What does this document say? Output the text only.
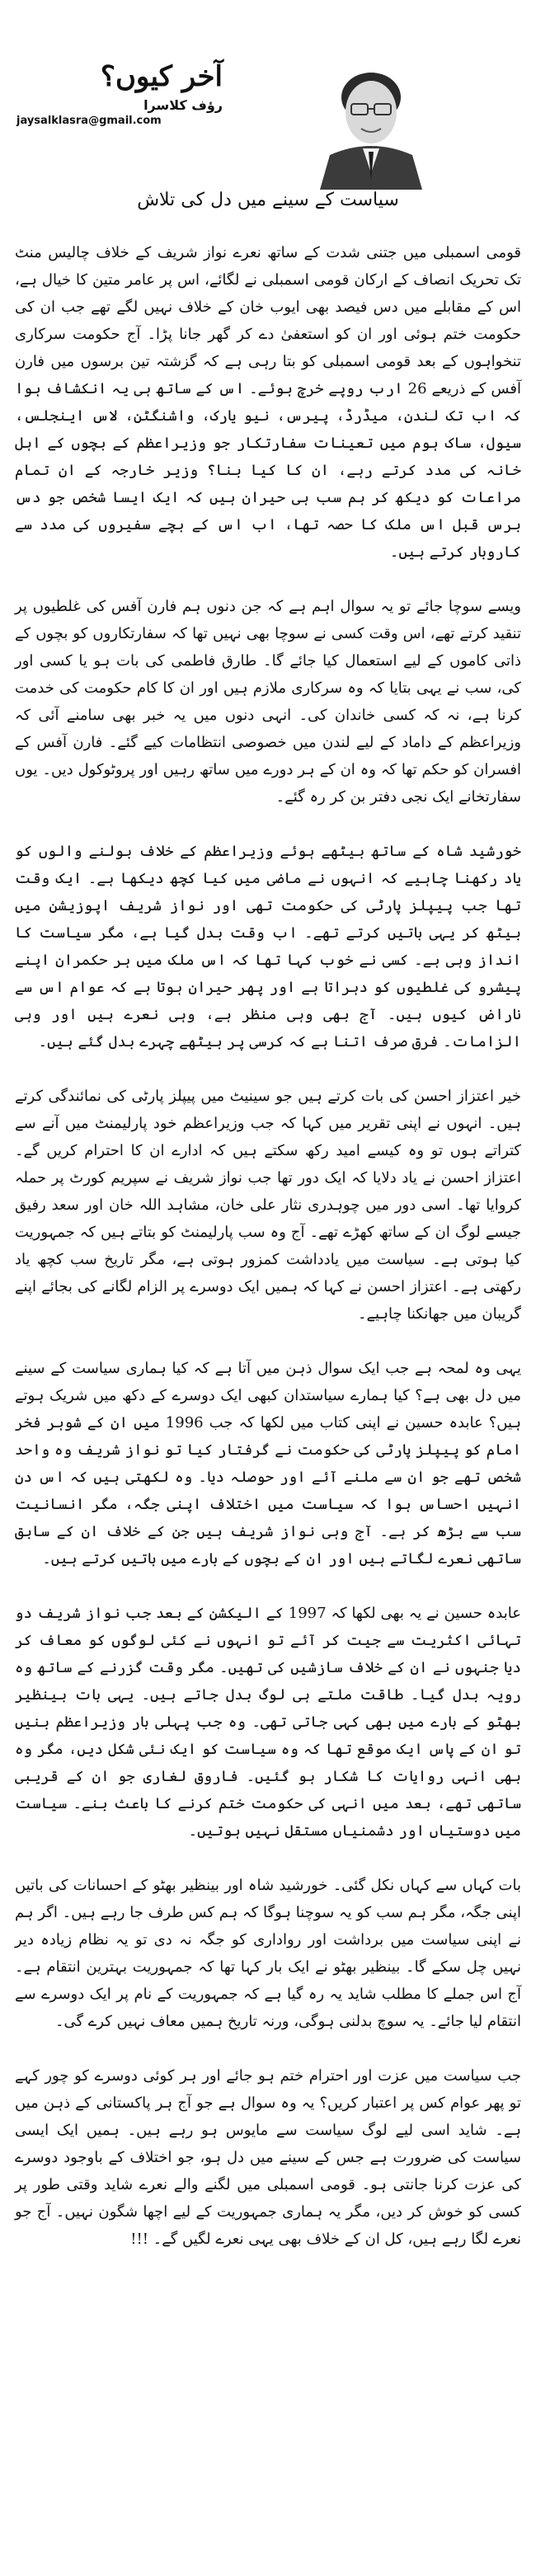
آخر کیوں؟
رؤف کلاسرا
jaysalklasra@gmail.com
سیاست کے سینے میں دل کی تلاش

قومی اسمبلی میں جتنی شدت کے ساتھ نعرے نواز شریف کے خلاف چالیس منٹ تک تحریک انصاف کے ارکان قومی اسمبلی نے لگائے، اس پر عامر متین کا خیال ہے، اس کے مقابلے میں دس فیصد بھی ایوب خان کے خلاف نہیں لگے تھے جب ان کی حکومت ختم ہوئی اور ان کو استعفیٰ دے کر گھر جانا پڑا۔ آج حکومت سرکاری تنخواہوں کے بعد قومی اسمبلی کو بتا رہی ہے کہ گزشتہ تین برسوں میں فارن آفس کے ذریعے 26 ارب روپے خرچ ہوئے۔ اس کے ساتھ ہی یہ انکشاف ہوا کہ اب تک لندن، میڈرڈ، پیرس، نیو یارک، واشنگٹن، لاس اینجلس، سیول، ساک ہوم میں تعینات سفارتکار جو وزیراعظم کے بچوں کے اہل خانہ کی مدد کرتے رہے، ان کا کیا بنا؟ وزیر خارجہ کے ان تمام مراعات کو دیکھ کر ہم سب ہی حیران ہیں کہ ایک ایسا شخص جو دس برس قبل اس ملک کا حصہ تھا، اب اس کے بچے سفیروں کی مدد سے کاروبار کرتے ہیں۔

ویسے سوچا جائے تو یہ سوال اہم ہے کہ جن دنوں ہم فارن آفس کی غلطیوں پر تنقید کرتے تھے، اس وقت کسی نے سوچا بھی نہیں تھا کہ سفارتکاروں کو بچوں کے ذاتی کاموں کے لیے استعمال کیا جائے گا۔ طارق فاطمی کی بات ہو یا کسی اور کی، سب نے یہی بتایا کہ وہ سرکاری ملازم ہیں اور ان کا کام حکومت کی خدمت کرنا ہے، نہ کہ کسی خاندان کی۔ انہی دنوں میں یہ خبر بھی سامنے آئی کہ وزیراعظم کے داماد کے لیے لندن میں خصوصی انتظامات کیے گئے۔ فارن آفس کے افسران کو حکم تھا کہ وہ ان کے ہر دورے میں ساتھ رہیں اور پروٹوکول دیں۔ یوں سفارتخانے ایک نجی دفتر بن کر رہ گئے۔

خورشید شاہ کے ساتھ بیٹھے ہوئے وزیراعظم کے خلاف بولنے والوں کو یاد رکھنا چاہیے کہ انہوں نے ماضی میں کیا کچھ دیکھا ہے۔ ایک وقت تھا جب پیپلز پارٹی کی حکومت تھی اور نواز شریف اپوزیشن میں بیٹھ کر یہی باتیں کرتے تھے۔ اب وقت بدل گیا ہے، مگر سیاست کا انداز وہی ہے۔ کسی نے خوب کہا تھا کہ اس ملک میں ہر حکمران اپنے پیشرو کی غلطیوں کو دہراتا ہے اور پھر حیران ہوتا ہے کہ عوام اس سے ناراض کیوں ہیں۔ آج بھی وہی منظر ہے، وہی نعرے ہیں اور وہی الزامات۔ فرق صرف اتنا ہے کہ کرسی پر بیٹھے چہرے بدل گئے ہیں۔

خیر اعتزاز احسن کی بات کرتے ہیں جو سینیٹ میں پیپلز پارٹی کی نمائندگی کرتے ہیں۔ انہوں نے اپنی تقریر میں کہا کہ جب وزیراعظم خود پارلیمنٹ میں آنے سے کتراتے ہوں تو وہ کیسے امید رکھ سکتے ہیں کہ ادارے ان کا احترام کریں گے۔ اعتزاز احسن نے یاد دلایا کہ ایک دور تھا جب نواز شریف نے سپریم کورٹ پر حملہ کروایا تھا۔ اسی دور میں چوہدری نثار علی خان، مشاہد اللہ خان اور سعد رفیق جیسے لوگ ان کے ساتھ کھڑے تھے۔ آج وہ سب پارلیمنٹ کو بتاتے ہیں کہ جمہوریت کیا ہوتی ہے۔ سیاست میں یادداشت کمزور ہوتی ہے، مگر تاریخ سب کچھ یاد رکھتی ہے۔ اعتزاز احسن نے کہا کہ ہمیں ایک دوسرے پر الزام لگانے کی بجائے اپنے گریبان میں جھانکنا چاہیے۔

یہی وہ لمحہ ہے جب ایک سوال ذہن میں آتا ہے کہ کیا ہماری سیاست کے سینے میں دل بھی ہے؟ کیا ہمارے سیاستدان کبھی ایک دوسرے کے دکھ میں شریک ہوتے ہیں؟ عابدہ حسین نے اپنی کتاب میں لکھا کہ جب 1996 میں ان کے شوہر فخر امام کو پیپلز پارٹی کی حکومت نے گرفتار کیا تو نواز شریف وہ واحد شخص تھے جو ان سے ملنے آئے اور حوصلہ دیا۔ وہ لکھتی ہیں کہ اس دن انہیں احساس ہوا کہ سیاست میں اختلاف اپنی جگہ، مگر انسانیت سب سے بڑھ کر ہے۔ آج وہی نواز شریف ہیں جن کے خلاف ان کے سابق ساتھی نعرے لگاتے ہیں اور ان کے بچوں کے بارے میں باتیں کرتے ہیں۔

عابدہ حسین نے یہ بھی لکھا کہ 1997 کے الیکشن کے بعد جب نواز شریف دو تہائی اکثریت سے جیت کر آئے تو انہوں نے کئی لوگوں کو معاف کر دیا جنہوں نے ان کے خلاف سازشیں کی تھیں۔ مگر وقت گزرنے کے ساتھ وہ رویہ بدل گیا۔ طاقت ملتے ہی لوگ بدل جاتے ہیں۔ یہی بات بینظیر بھٹو کے بارے میں بھی کہی جاتی تھی۔ وہ جب پہلی بار وزیراعظم بنیں تو ان کے پاس ایک موقع تھا کہ وہ سیاست کو ایک نئی شکل دیں، مگر وہ بھی انہی روایات کا شکار ہو گئیں۔ فاروق لغاری جو ان کے قریبی ساتھی تھے، بعد میں انہی کی حکومت ختم کرنے کا باعث بنے۔ سیاست میں دوستیاں اور دشمنیاں مستقل نہیں ہوتیں۔

بات کہاں سے کہاں نکل گئی۔ خورشید شاہ اور بینظیر بھٹو کے احسانات کی باتیں اپنی جگہ، مگر ہم سب کو یہ سوچنا ہوگا کہ ہم کس طرف جا رہے ہیں۔ اگر ہم نے اپنی سیاست میں برداشت اور رواداری کو جگہ نہ دی تو یہ نظام زیادہ دیر نہیں چل سکے گا۔ بینظیر بھٹو نے ایک بار کہا تھا کہ جمہوریت بہترین انتقام ہے۔ آج اس جملے کا مطلب شاید یہ رہ گیا ہے کہ جمہوریت کے نام پر ایک دوسرے سے انتقام لیا جائے۔ یہ سوچ بدلنی ہوگی، ورنہ تاریخ ہمیں معاف نہیں کرے گی۔

جب سیاست میں عزت اور احترام ختم ہو جائے اور ہر کوئی دوسرے کو چور کہے تو پھر عوام کس پر اعتبار کریں؟ یہ وہ سوال ہے جو آج ہر پاکستانی کے ذہن میں ہے۔ شاید اسی لیے لوگ سیاست سے مایوس ہو رہے ہیں۔ ہمیں ایک ایسی سیاست کی ضرورت ہے جس کے سینے میں دل ہو، جو اختلاف کے باوجود دوسرے کی عزت کرنا جانتی ہو۔ قومی اسمبلی میں لگنے والے نعرے شاید وقتی طور پر کسی کو خوش کر دیں، مگر یہ ہماری جمہوریت کے لیے اچھا شگون نہیں۔ آج جو نعرے لگا رہے ہیں، کل ان کے خلاف بھی یہی نعرے لگیں گے۔ !!!
